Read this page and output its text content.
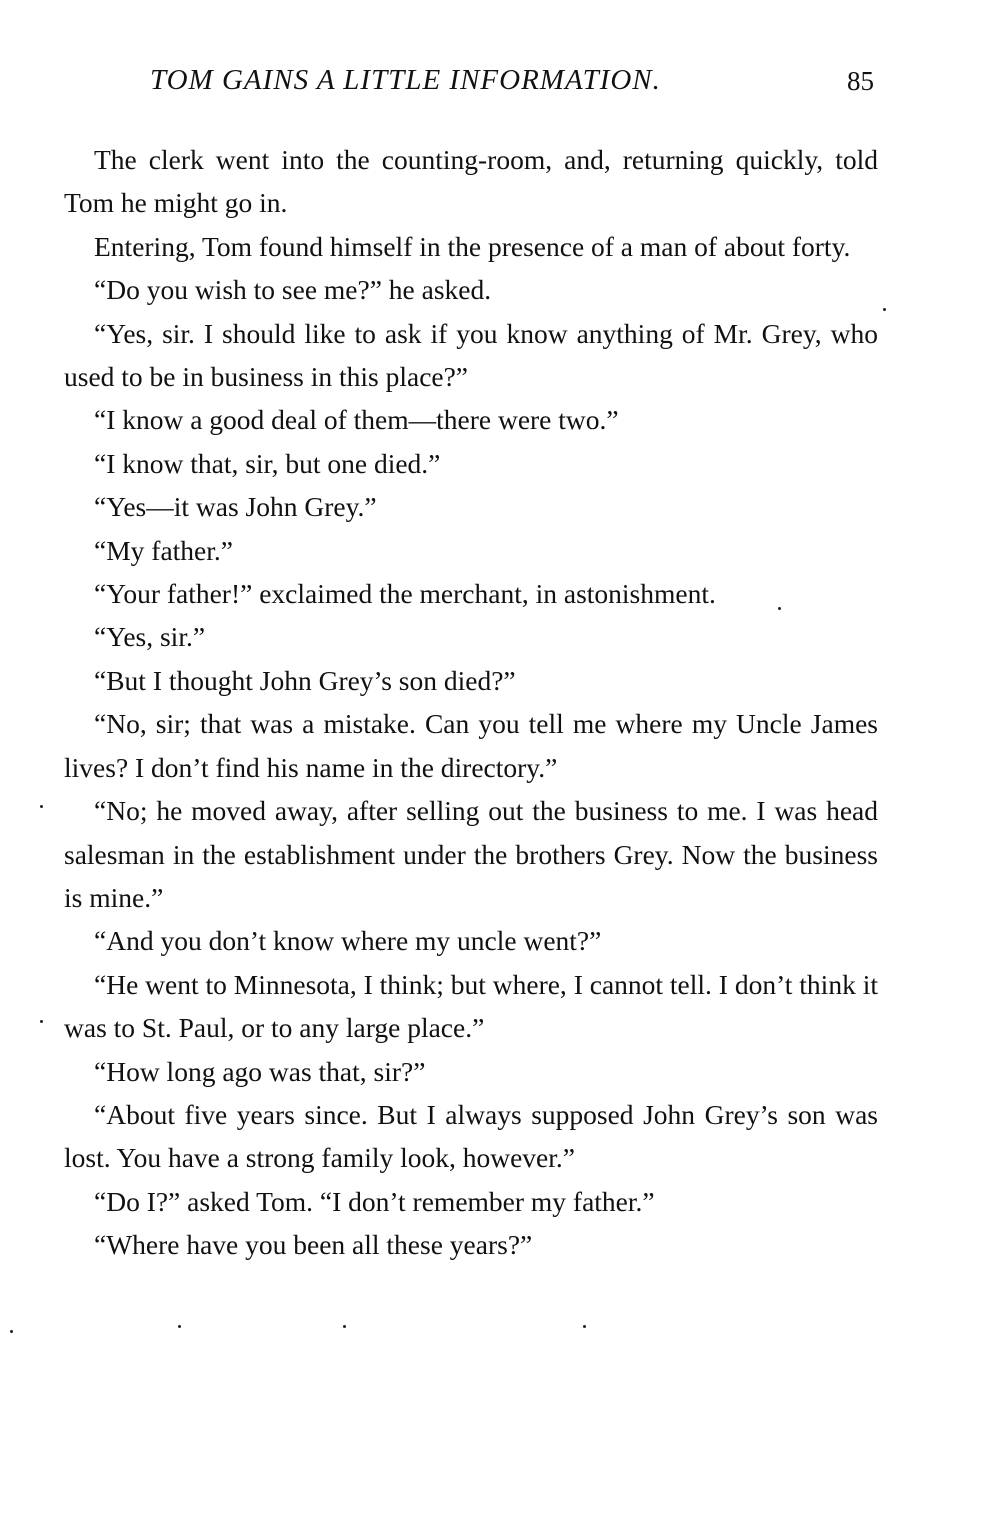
TOM GAINS A LITTLE INFORMATION.	85

The clerk went into the counting-room, and, returning quickly, told Tom he might go in.

Entering, Tom found himself in the presence of a man of about forty.

“Do you wish to see me?” he asked.

“Yes, sir. I should like to ask if you know anything of Mr. Grey, who used to be in business in this place?”

“I know a good deal of them—there were two.”

“I know that, sir, but one died.”

“Yes—it was John Grey.”

“My father.”

“Your father!” exclaimed the merchant, in astonishment.

“Yes, sir.”

“But I thought John Grey’s son died?”

“No, sir; that was a mistake. Can you tell me where my Uncle James lives? I don’t find his name in the directory.”

“No; he moved away, after selling out the business to me. I was head salesman in the establishment under the brothers Grey. Now the business is mine.”

“And you don’t know where my uncle went?”

“He went to Minnesota, I think; but where, I cannot tell. I don’t think it was to St. Paul, or to any large place.”

“How long ago was that, sir?”

“About five years since. But I always supposed John Grey’s son was lost. You have a strong family look, however.”

“Do I?” asked Tom. “I don’t remember my father.”

“Where have you been all these years?”
